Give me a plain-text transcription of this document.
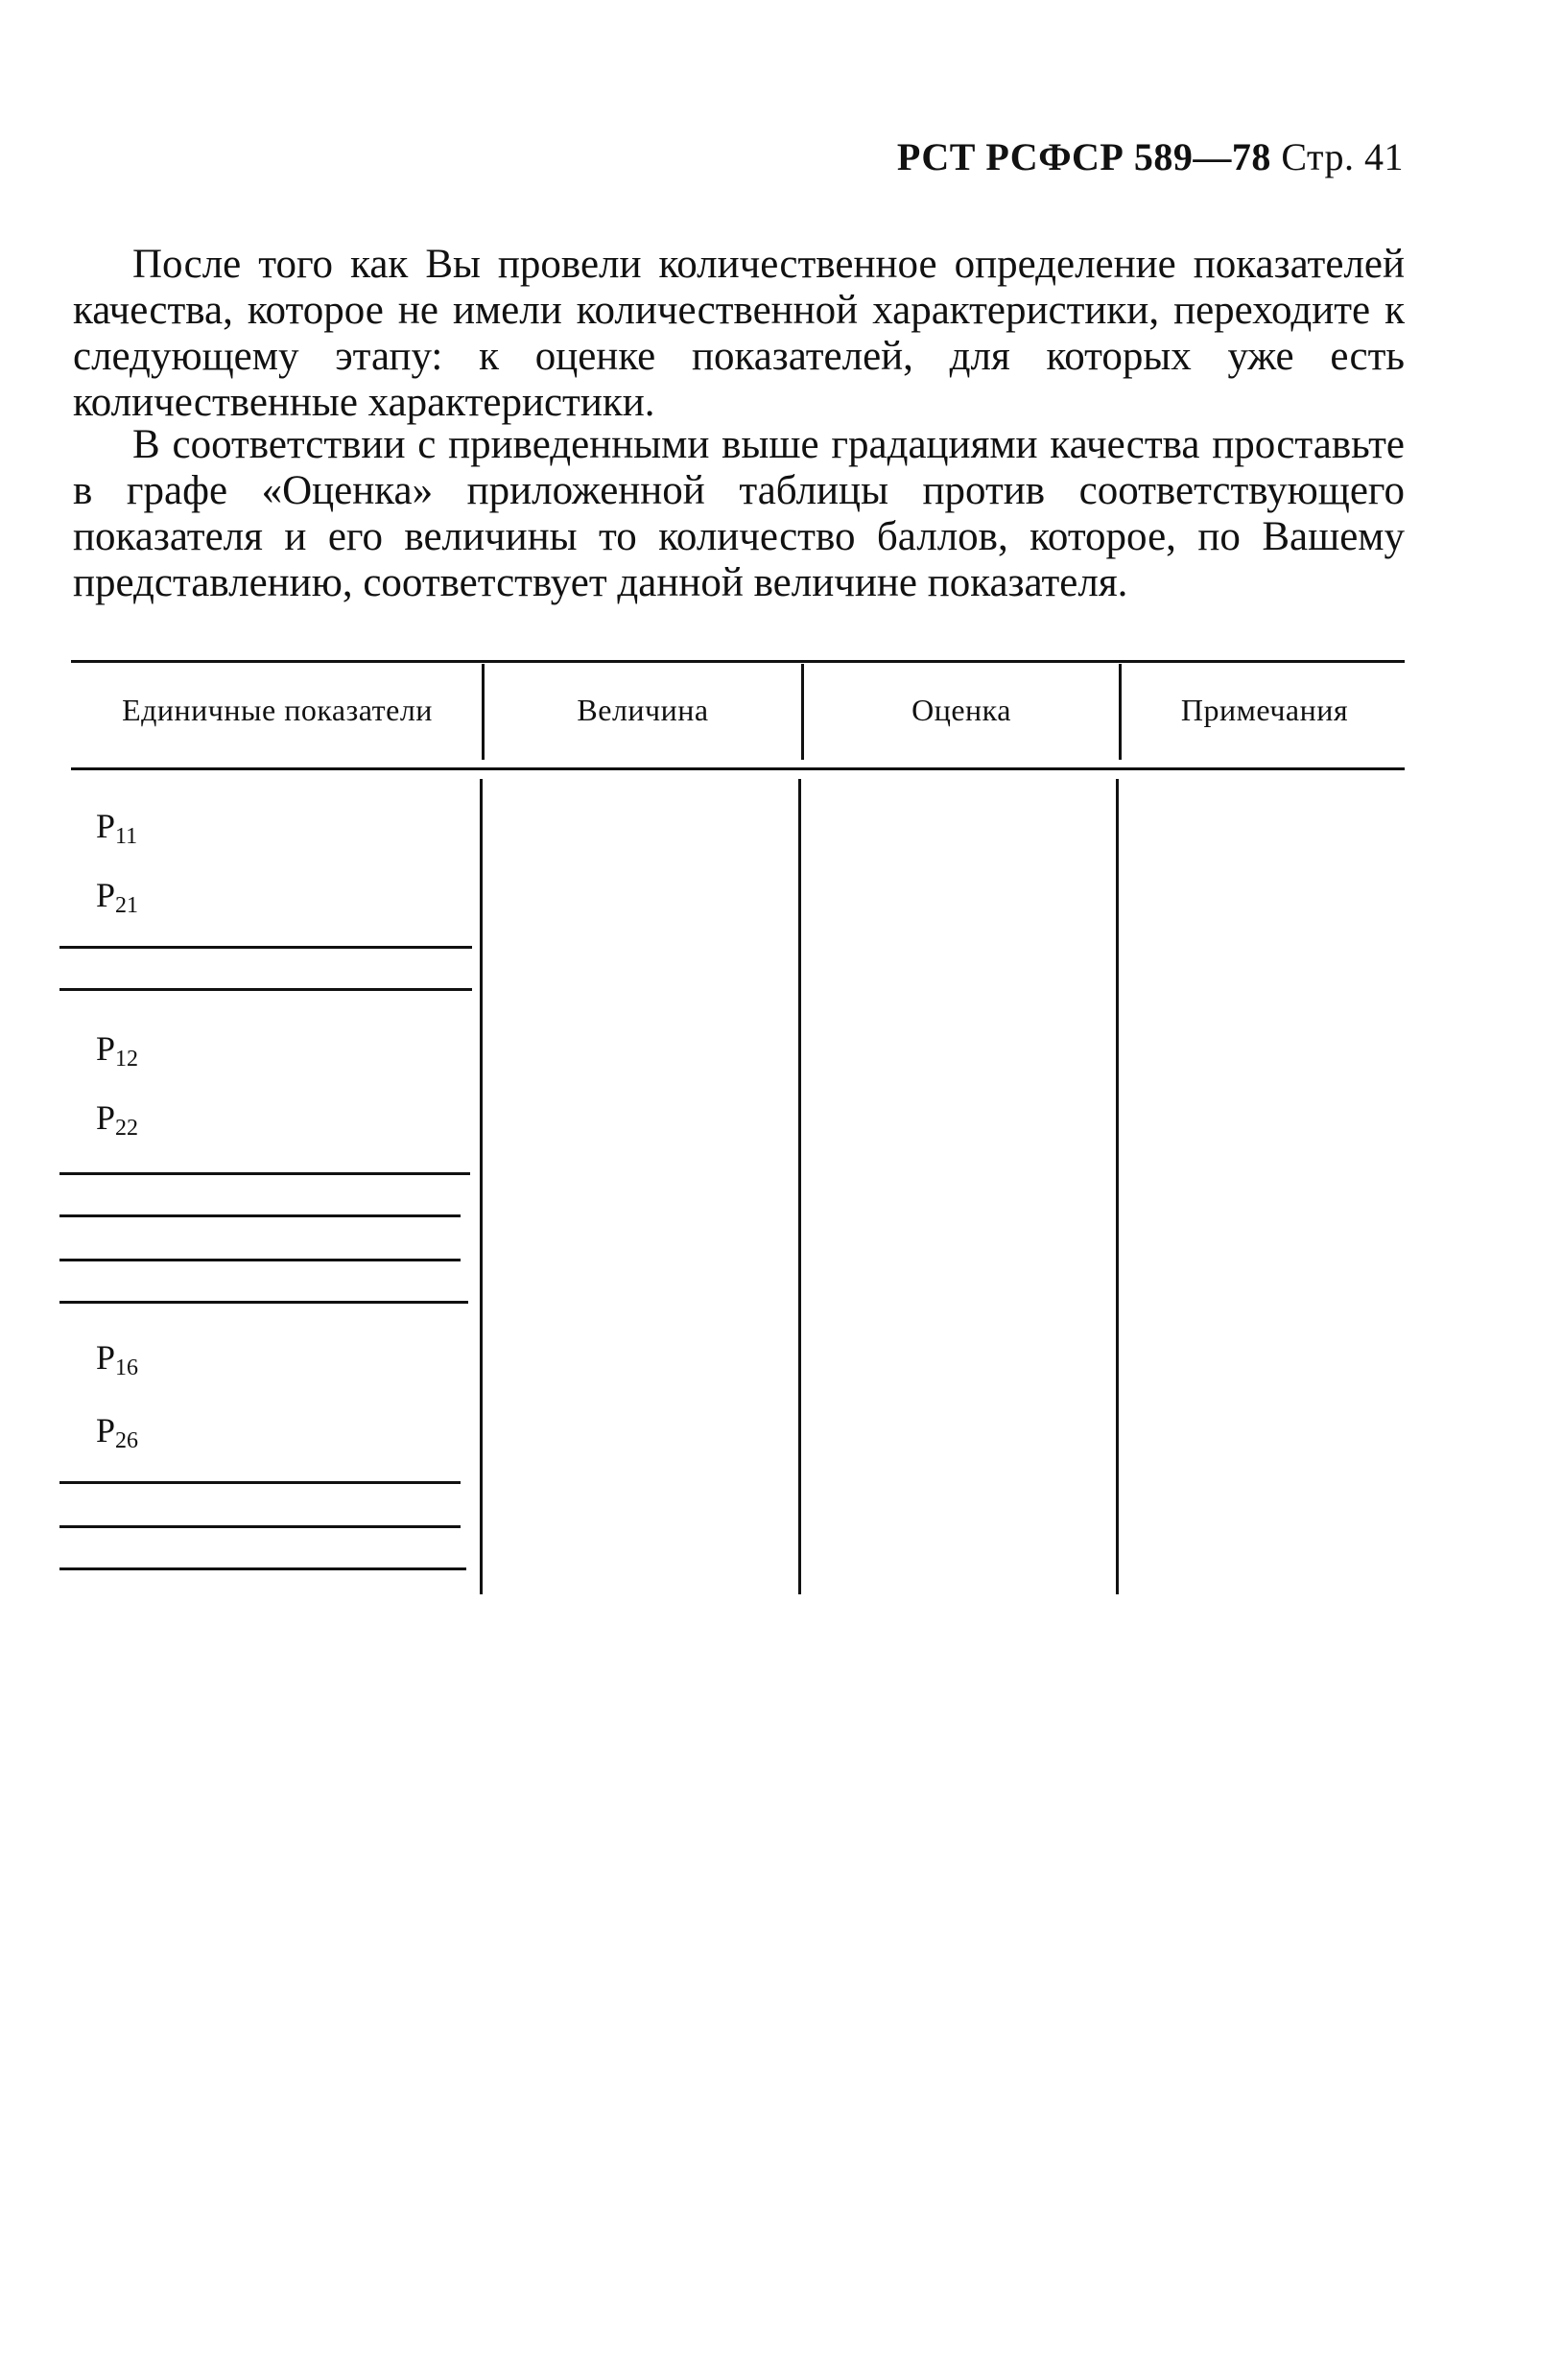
РСТ РСФСР 589—78 Стр. 41
После того как Вы провели количественное определение показателей качества, которое не имели количественной характеристики, переходите к следующему этапу: к оценке показателей, для которых уже есть количественные характеристики.
В соответствии с приведенными выше градациями качества проставьте в графе «Оценка» приложенной таблицы против соответствующего показателя и его величины то количество баллов, которое, по Вашему представлению, соответствует данной величине показателя.
Единичные показатели	Величина	Оценка	Примечания
$P_{11}$
$P_{21}$
$P_{12}$
$P_{22}$
$P_{16}$
$P_{26}$
